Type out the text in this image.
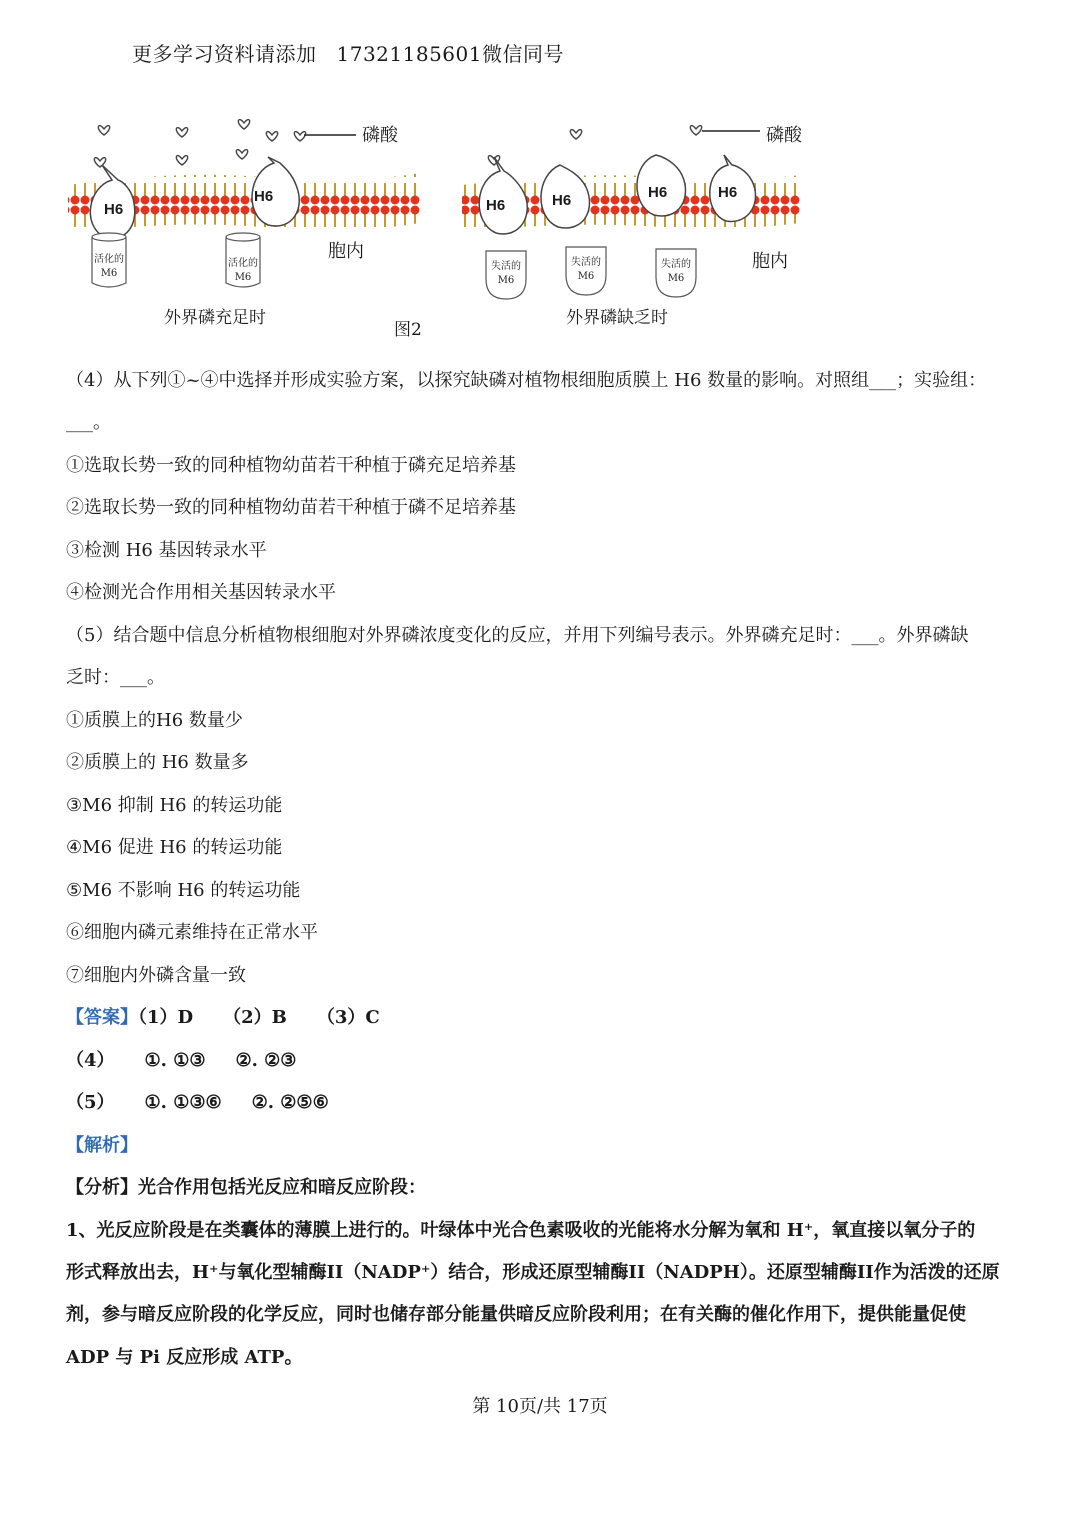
更多学习资料请添加 17321185601微信同号
H6
H6
活化的
M6
活化的
M6
磷酸
胞内
外界磷充足时
图2
H6	H6	H6	H6
失活的
M6
失活的
M6
失活的
M6
磷酸
胞内
外界磷缺乏时
（4）从下列①~④中选择并形成实验方案，以探究缺磷对植物根细胞质膜上 H6 数量的影响。对照组___；实验组：
___。
①选取长势一致的同种植物幼苗若干种植于磷充足培养基
②选取长势一致的同种植物幼苗若干种植于磷不足培养基
③检测 H6 基因转录水平
④检测光合作用相关基因转录水平
（5）结合题中信息分析植物根细胞对外界磷浓度变化的反应，并用下列编号表示。外界磷充足时：___。外界磷缺
乏时：___。
①质膜上的H6 数量少
②质膜上的 H6 数量多
③M6 抑制 H6 的转运功能
④M6 促进 H6 的转运功能
⑤M6 不影响 H6 的转运功能
⑥细胞内磷元素维持在正常水平
⑦细胞内外磷含量一致
【答案】（1）D （2）B （3）C
（4） ①. ①③ ②. ②③
（5） ①. ①③⑥ ②. ②⑤⑥
【解析】
【分析】光合作用包括光反应和暗反应阶段：
1、光反应阶段是在类囊体的薄膜上进行的。叶绿体中光合色素吸收的光能将水分解为氧和 H⁺，氧直接以氧分子的
形式释放出去，H⁺与氧化型辅酶II（NADP⁺）结合，形成还原型辅酶II（NADPH）。还原型辅酶II作为活泼的还原
剂，参与暗反应阶段的化学反应，同时也储存部分能量供暗反应阶段利用；在有关酶的催化作用下，提供能量促使
ADP 与 Pi 反应形成 ATP。
第 10页/共 17页
